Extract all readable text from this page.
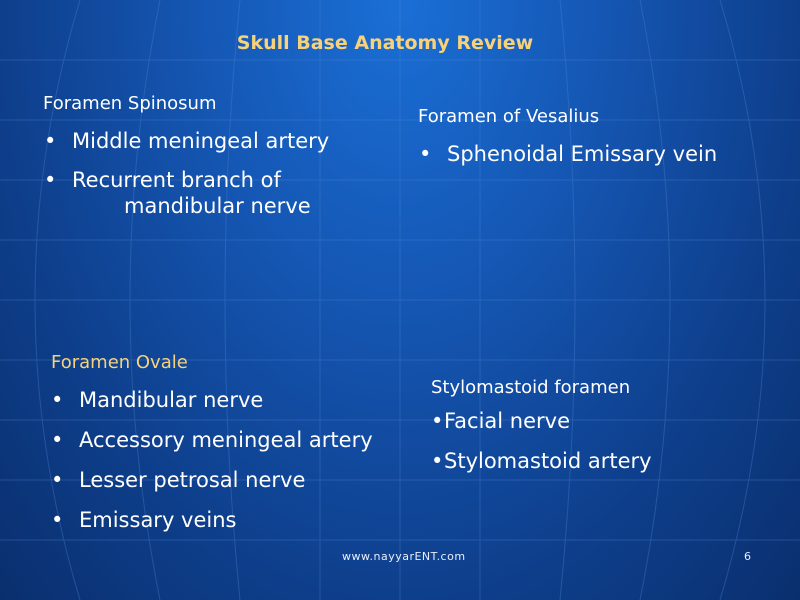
Skull Base Anatomy Review

Foramen Spinosum

• Middle meningeal artery
• Recurrent branch of
mandibular nerve

Foramen of Vesalius

• Sphenoidal Emissary vein

Foramen Ovale

• Mandibular nerve
• Accessory meningeal artery
• Lesser petrosal nerve
• Emissary veins

Stylomastoid foramen

• Facial nerve
• Stylomastoid artery
www.nayyarENT.com	6
